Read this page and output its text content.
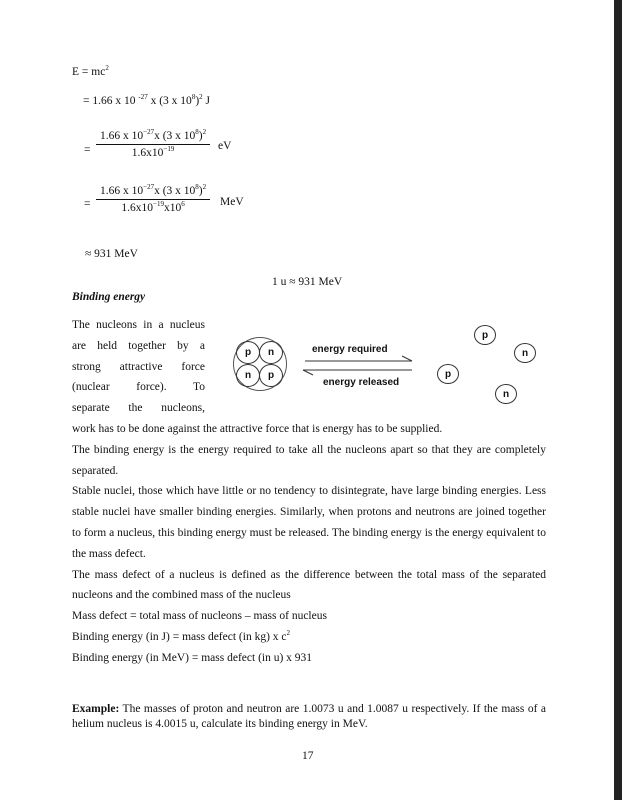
$E = mc^2$
= 1.66 x 10 $^{-27}$ x (3 x $10^8)^2$ J
= $\frac{1.66 x 10^{-27}x (3 x 10^8)^2}{1.6x10^{-19}}$ eV
= $\frac{1.66 x 10^{-27}x (3 x 10^8)^2}{1.6x10^{-19}x10^6}$ MeV
≈ 931 MeV
1 u ≈ 931 MeV
Binding energy
The nucleons in a nucleus
are held together by a
strong attractive force
(nuclear force). To
separate the nucleons,
p	n
n	p
energy required
energy released
p
n
p
n
work has to be done against the attractive force that is energy has to be supplied.
The binding energy is the energy required to take all the nucleons apart so that they are completely separated.
Stable nuclei, those which have little or no tendency to disintegrate, have large binding energies. Less stable nuclei have smaller binding energies. Similarly, when protons and neutrons are joined together to form a nucleus, this binding energy must be released. The binding energy is the energy equivalent to the mass defect.
The mass defect of a nucleus is defined as the difference between the total mass of the separated nucleons and the combined mass of the nucleus
Mass defect = total mass of nucleons – mass of nucleus
Binding energy (in J) = mass defect (in kg) x $c^2$
Binding energy (in MeV) = mass defect (in u) x 931
Example: The masses of proton and neutron are 1.0073 u and 1.0087 u respectively. If the mass of a helium nucleus is 4.0015 u, calculate its binding energy in MeV.
17
